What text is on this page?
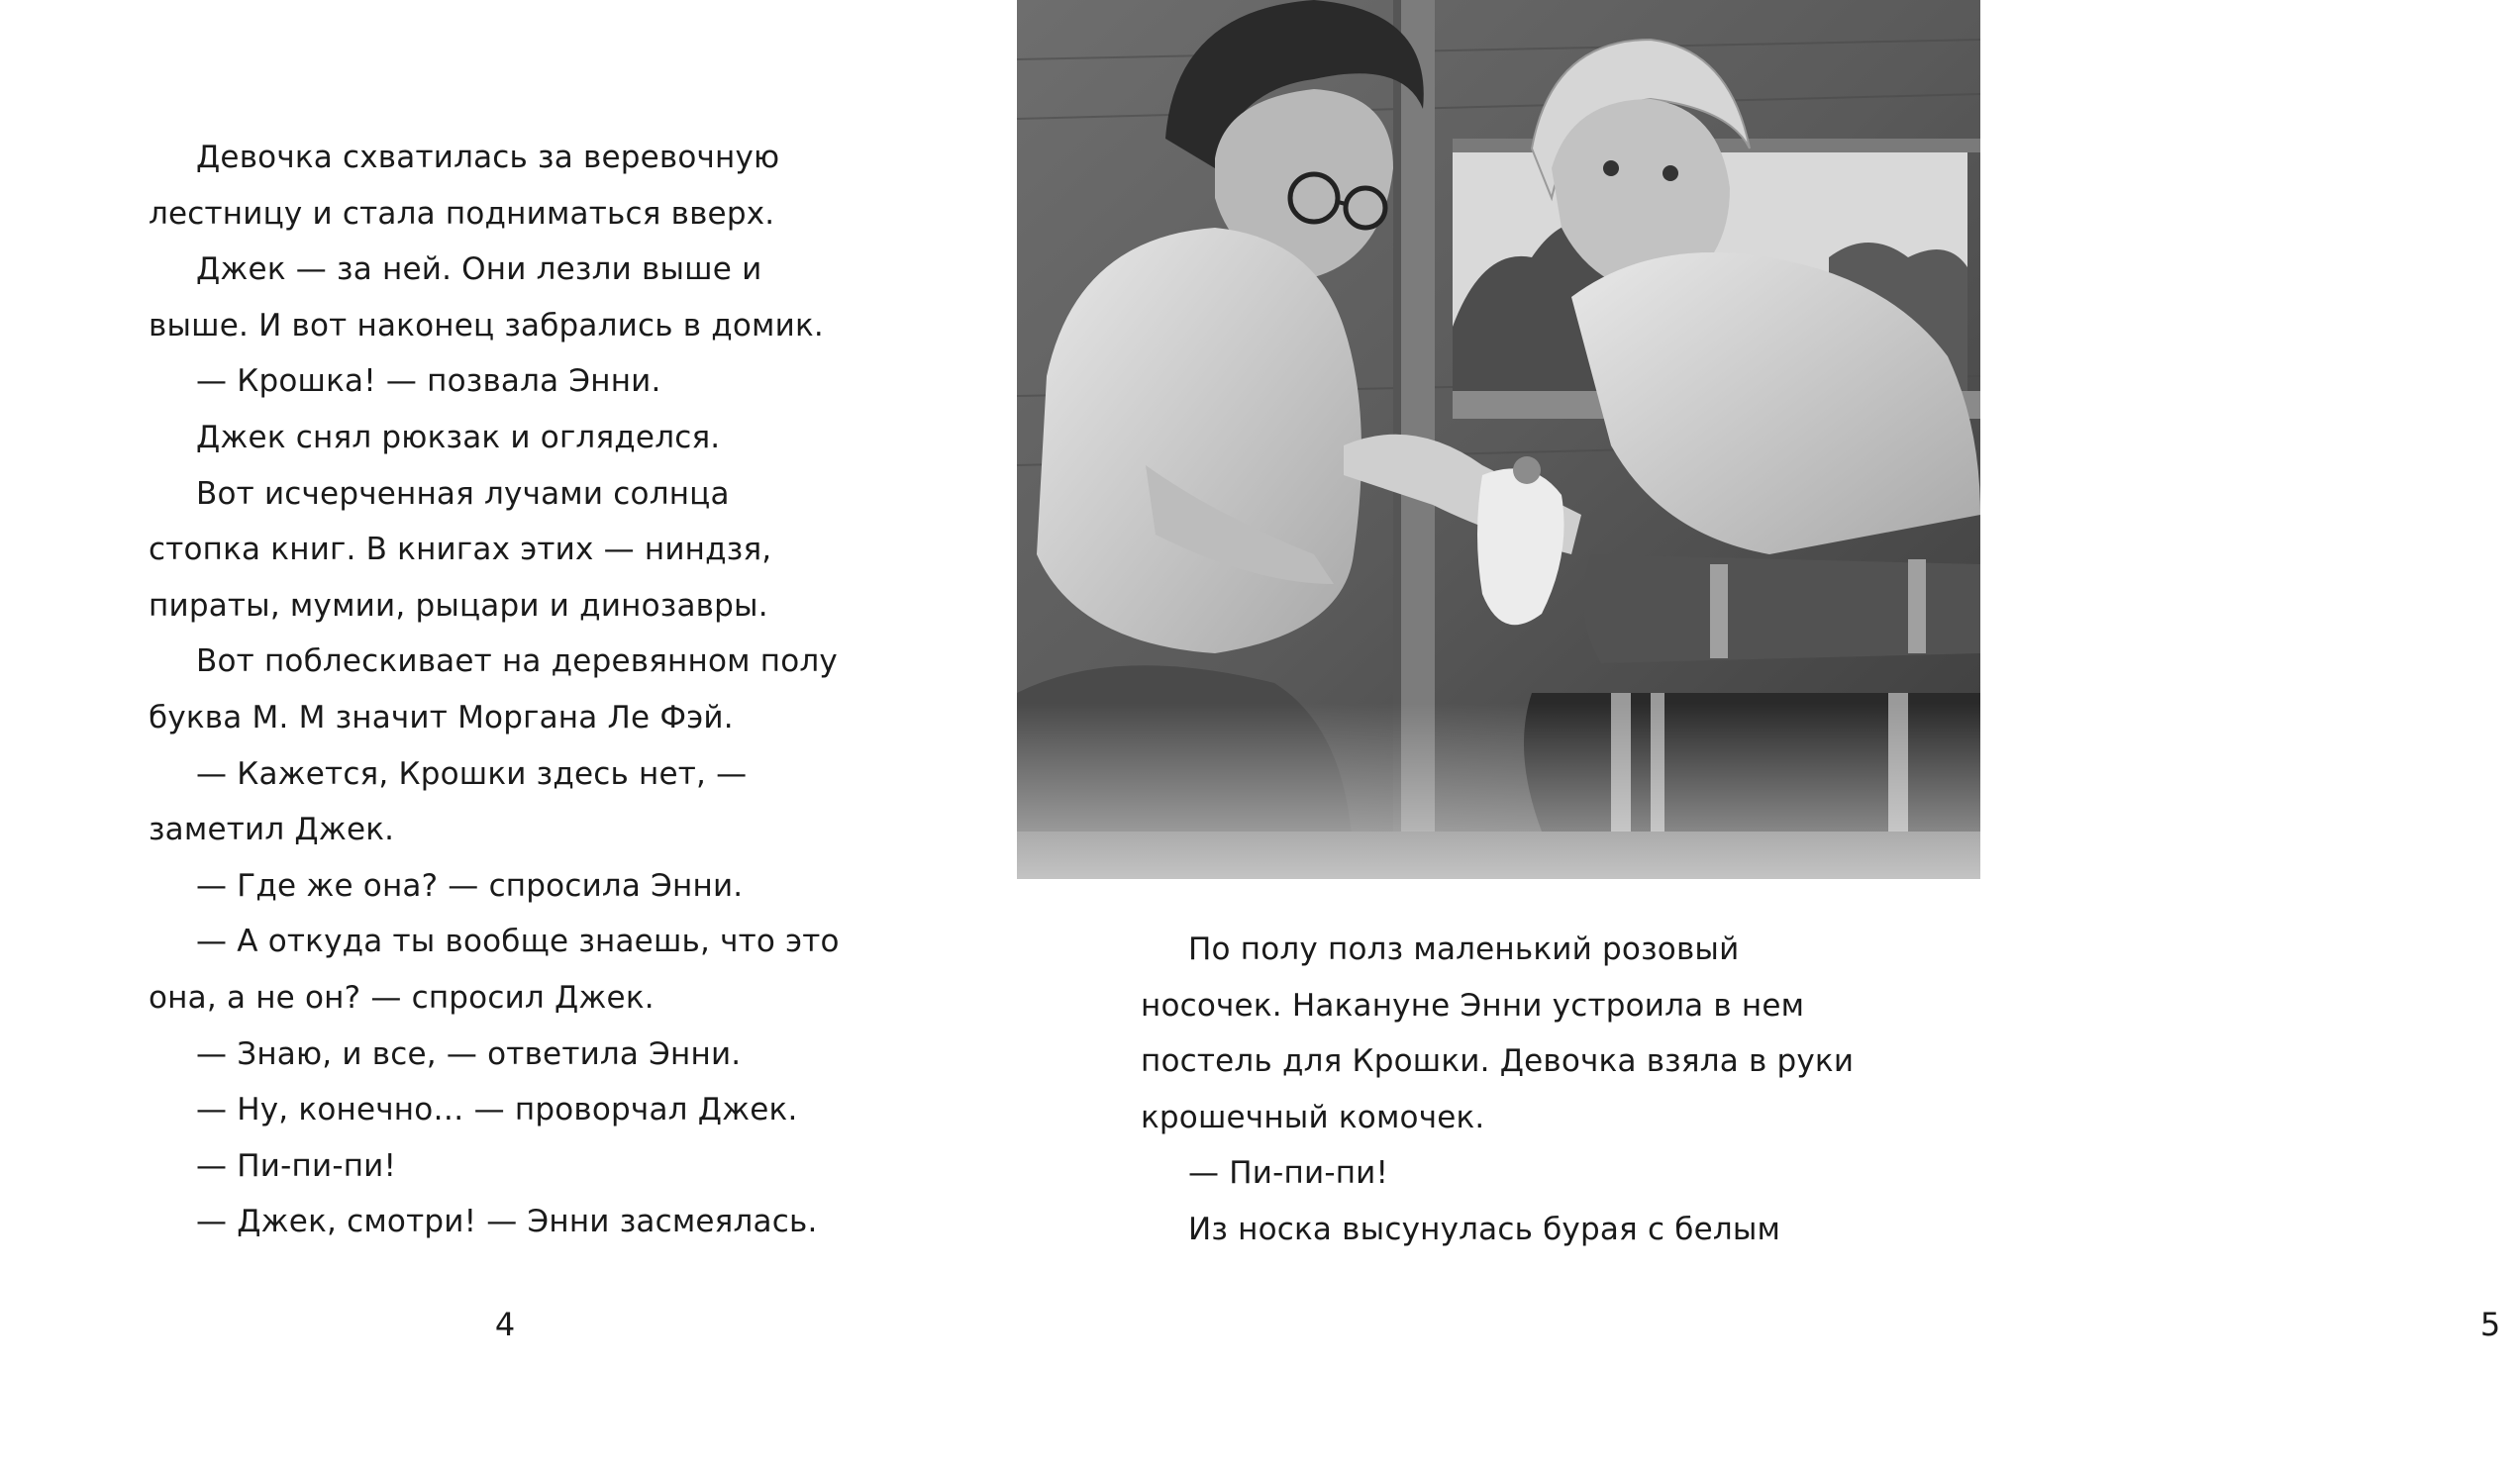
Девочка схватилась за веревочную
лестницу и стала подниматься вверх.
Джек — за ней. Они лезли выше и
выше. И вот наконец забрались в домик.
— Крошка! — позвала Энни.
Джек снял рюкзак и огляделся.
Вот исчерченная лучами солнца
стопка книг. В книгах этих — ниндзя,
пираты, мумии, рыцари и динозавры.
Вот поблескивает на деревянном полу
буква М. М значит Моргана Ле Фэй.
— Кажется, Крошки здесь нет, —
заметил Джек.
— Где же она? — спросила Энни.
— А откуда ты вообще знаешь, что это
она, а не он? — спросил Джек.
— Знаю, и все, — ответила Энни.
— Ну, конечно… — проворчал Джек.
— Пи-пи-пи!
— Джек, смотри! — Энни засмеялась.
4	5
По полу полз маленький розовый
носочек. Накануне Энни устроила в нем
постель для Крошки. Девочка взяла в руки
крошечный комочек.
— Пи-пи-пи!
Из носка высунулась бурая с белым
